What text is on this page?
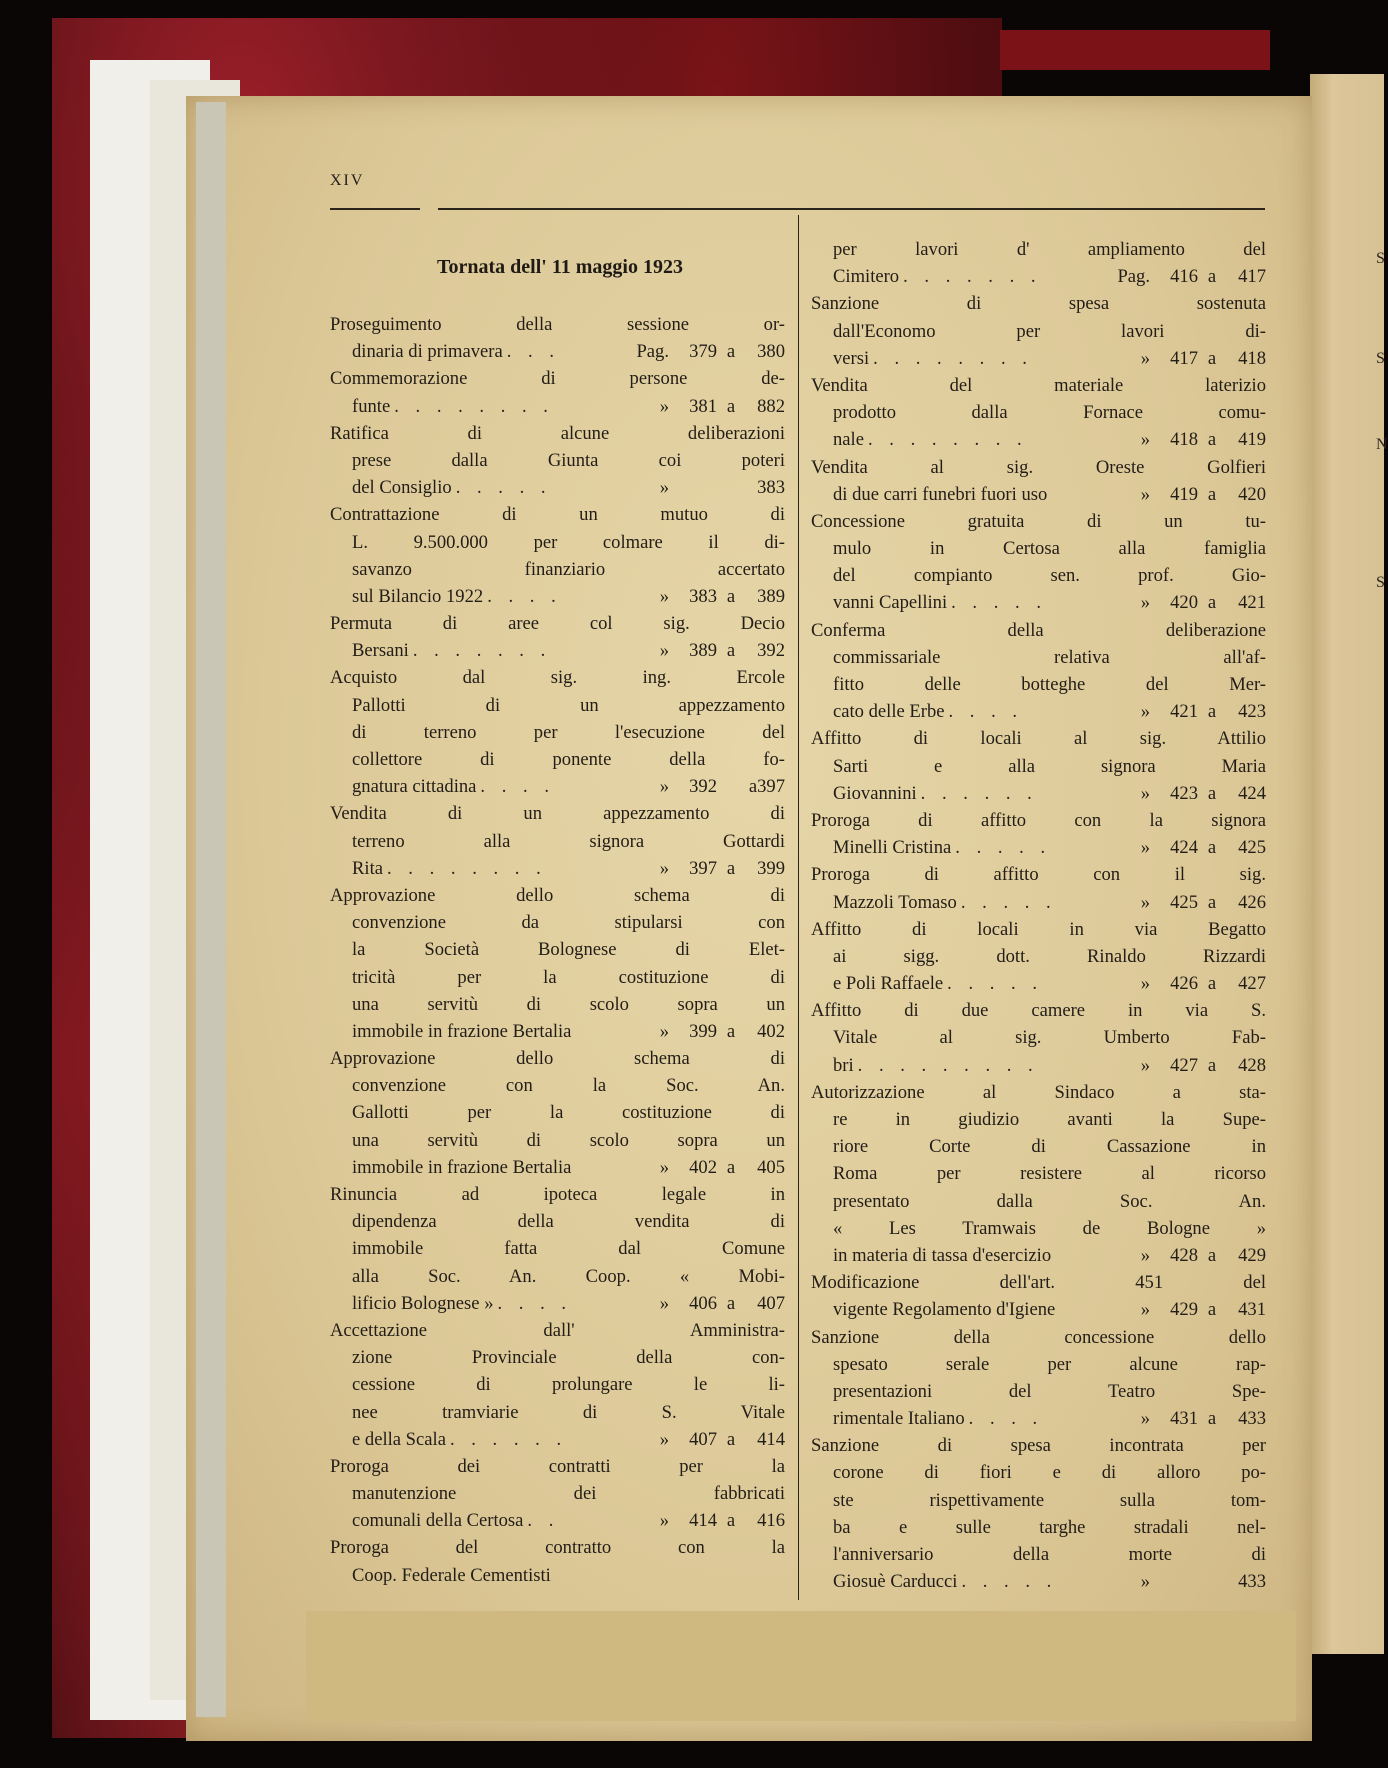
S
S
N
S
XIV
Tornata dell' 11 maggio 1923
Proseguimento della sessione or-
dinaria di primavera . . .	Pag.	379 a	380
Commemorazione di persone de-
funte . . . . . . . .	»	381 a	882
Ratifica di alcune deliberazioni
prese dalla Giunta coi poteri
del Consiglio . . . . .	»	383
Contrattazione di un mutuo di
L. 9.500.000 per colmare il di-
savanzo finanziario accertato
sul Bilancio 1922 . . . .	»	383 a	389
Permuta di aree col sig. Decio
Bersani . . . . . . .	»	389 a	392
Acquisto dal sig. ing. Ercole
Pallotti di un appezzamento
di terreno per l'esecuzione del
collettore di ponente della fo-
gnatura cittadina . . . .	»	392 a397
Vendita di un appezzamento di
terreno alla signora Gottardi
Rita . . . . . . . .	»	397 a	399
Approvazione dello schema di
convenzione da stipularsi con
la Società Bolognese di Elet-
tricità per la costituzione di
una servitù di scolo sopra un
immobile in frazione Bertalia	»	399 a	402
Approvazione dello schema di
convenzione con la Soc. An.
Gallotti per la costituzione di
una servitù di scolo sopra un
immobile in frazione Bertalia	»	402 a	405
Rinuncia ad ipoteca legale in
dipendenza della vendita di
immobile fatta dal Comune
alla Soc. An. Coop. « Mobi-
lificio Bolognese » . . . .	»	406 a	407
Accettazione dall' Amministra-
zione Provinciale della con-
cessione di prolungare le li-
nee tramviarie di S. Vitale
e della Scala . . . . . .	»	407 a	414
Proroga dei contratti per la
manutenzione dei fabbricati
comunali della Certosa . .	»	414 a	416
Proroga del contratto con la
Coop. Federale Cementisti
per lavori d' ampliamento del
Cimitero . . . . . . .	Pag.	416 a	417
Sanzione di spesa sostenuta
dall'Economo per lavori di-
versi . . . . . . . .	»	417 a	418
Vendita del materiale laterizio
prodotto dalla Fornace comu-
nale . . . . . . . .	»	418 a	419
Vendita al sig. Oreste Golfieri
di due carri funebri fuori uso	»	419 a	420
Concessione gratuita di un tu-
mulo in Certosa alla famiglia
del compianto sen. prof. Gio-
vanni Capellini . . . . .	»	420 a	421
Conferma della deliberazione
commissariale relativa all'af-
fitto delle botteghe del Mer-
cato delle Erbe . . . .	»	421 a	423
Affitto di locali al sig. Attilio
Sarti e alla signora Maria
Giovannini . . . . . .	»	423 a	424
Proroga di affitto con la signora
Minelli Cristina . . . . .	»	424 a	425
Proroga di affitto con il sig.
Mazzoli Tomaso . . . . .	»	425 a	426
Affitto di locali in via Begatto
ai sigg. dott. Rinaldo Rizzardi
e Poli Raffaele . . . . .	»	426 a	427
Affitto di due camere in via S.
Vitale al sig. Umberto Fab-
bri . . . . . . . . .	»	427 a	428
Autorizzazione al Sindaco a sta-
re in giudizio avanti la Supe-
riore Corte di Cassazione in
Roma per resistere al ricorso
presentato dalla Soc. An.
« Les Tramwais de Bologne »
in materia di tassa d'esercizio	»	428 a	429
Modificazione dell'art. 451 del
vigente Regolamento d'Igiene	»	429 a	431
Sanzione della concessione dello
spesato serale per alcune rap-
presentazioni del Teatro Spe-
rimentale Italiano . . . .	»	431 a	433
Sanzione di spesa incontrata per
corone di fiori e di alloro po-
ste rispettivamente sulla tom-
ba e sulle targhe stradali nel-
l'anniversario della morte di
Giosuè Carducci . . . . .	»	433
